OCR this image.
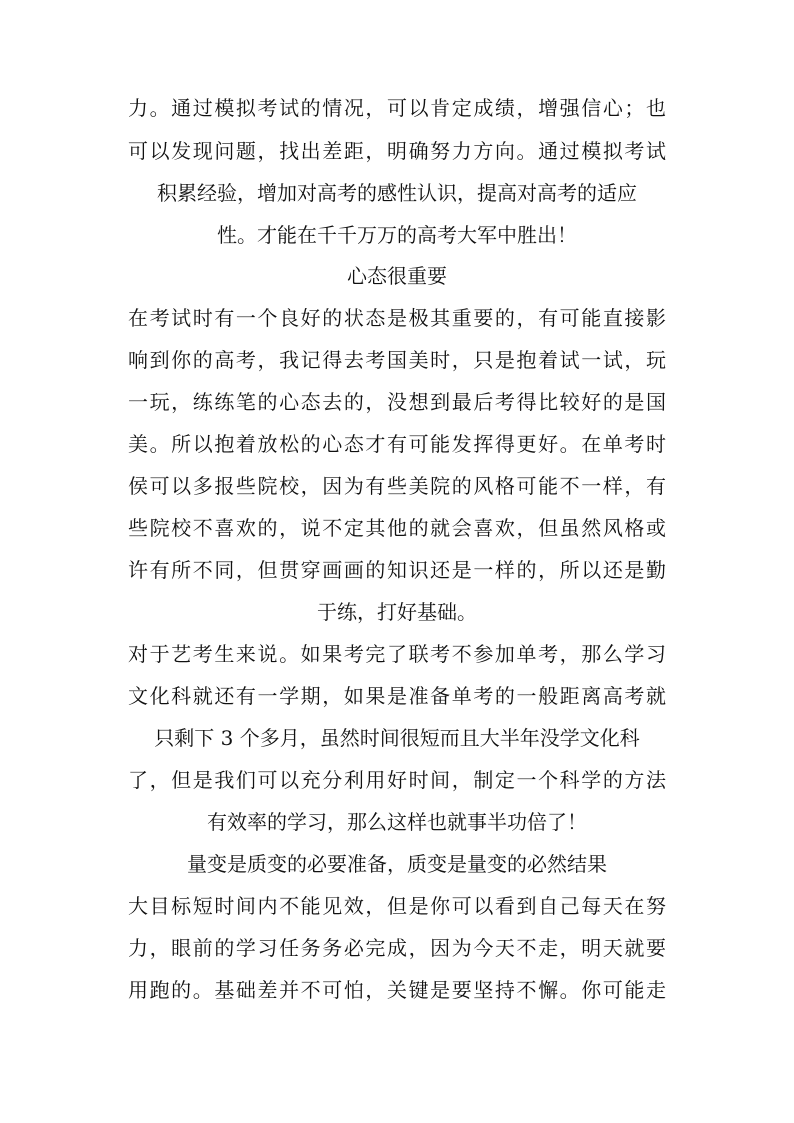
力。通过模拟考试的情况，可以肯定成绩，增强信心；也
可以发现问题，找出差距，明确努力方向。通过模拟考试
积累经验，增加对高考的感性认识，提高对高考的适应
性。才能在千千万万的高考大军中胜出！
心态很重要
在考试时有一个良好的状态是极其重要的，有可能直接影
响到你的高考，我记得去考国美时，只是抱着试一试，玩
一玩，练练笔的心态去的，没想到最后考得比较好的是国
美。所以抱着放松的心态才有可能发挥得更好。在单考时
侯可以多报些院校，因为有些美院的风格可能不一样，有
些院校不喜欢的，说不定其他的就会喜欢，但虽然风格或
许有所不同，但贯穿画画的知识还是一样的，所以还是勤
于练，打好基础。
对于艺考生来说。如果考完了联考不参加单考，那么学习
文化科就还有一学期，如果是准备单考的一般距离高考就
只剩下 3 个多月，虽然时间很短而且大半年没学文化科
了，但是我们可以充分利用好时间，制定一个科学的方法
有效率的学习，那么这样也就事半功倍了！
量变是质变的必要准备，质变是量变的必然结果
大目标短时间内不能见效，但是你可以看到自己每天在努
力，眼前的学习任务务必完成，因为今天不走，明天就要
用跑的。基础差并不可怕，关键是要坚持不懈。你可能走
